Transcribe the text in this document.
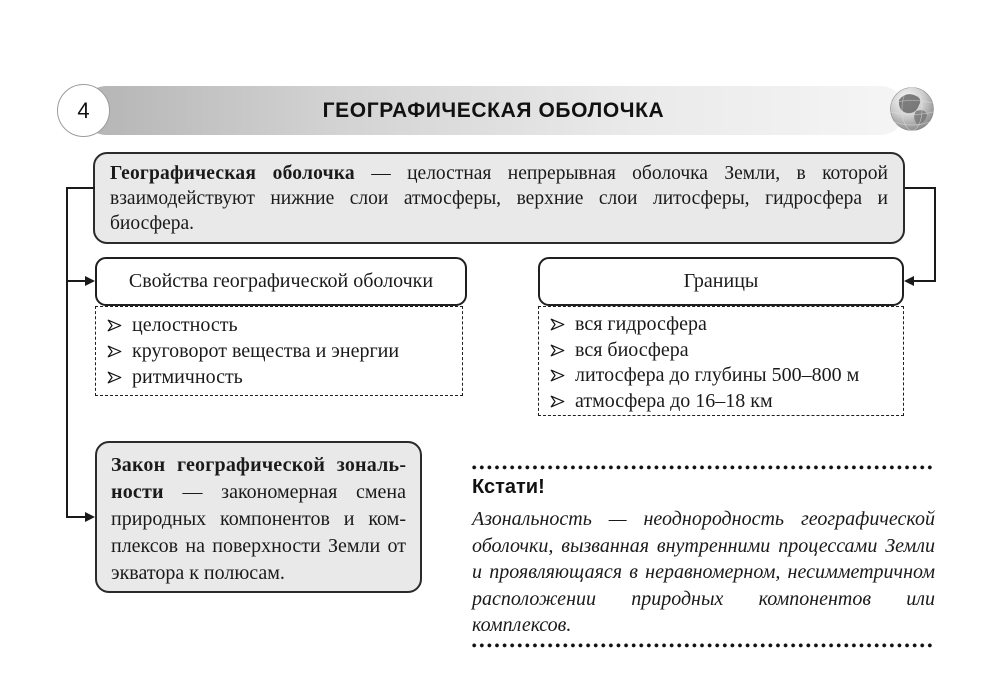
ГЕОГРАФИЧЕСКАЯ ОБОЛОЧКА
4
Географическая оболочка — целостная непрерывная оболочка Земли, в которой взаимодействуют нижние слои атмосферы, верхние слои литосферы, гидросфера и биосфера.
Свойства географической оболочки
целостность
круговорот вещества и энергии
ритмичность
Границы
вся гидросфера
вся биосфера
литосфера до глубины 500–800 м
атмосфера до 16–18 км
Закон географической зональности — закономерная смена природных компонентов и комплексов на поверхности Земли от экватора к полюсам.
Кстати!
Азональность — неоднородность географической оболочки, вызванная внутренними процессами Земли и проявляющаяся в неравномерном, несимметричном расположении природных компонентов или комплексов.
